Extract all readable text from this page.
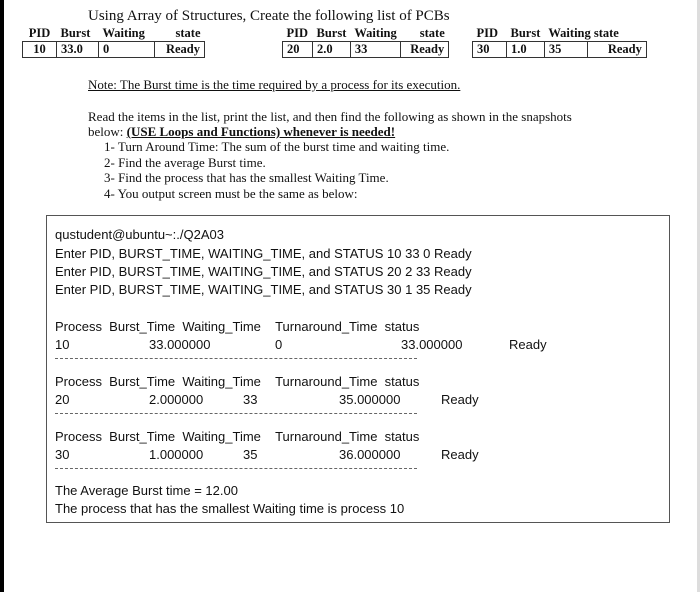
Using Array of Structures, Create the following list of PCBs
PID	Burst	Waiting	state
10	33.0	0	Ready
PID	Burst	Waiting	state
20	2.0	33	Ready
PID	Burst	Waiting state	
30	1.0	35	Ready
Note: The Burst time is the time required by a process for its execution.
Read the items in the list, print the list, and then find the following as shown in the snapshots
below: (USE Loops and Functions) whenever is needed!
1- Turn Around Time: The sum of the burst time and waiting time.
2- Find the average Burst time.
3- Find the process that has the smallest Waiting Time.
4- You output screen must be the same as below:
qustudent@ubuntu~:./Q2A03
Enter PID, BURST_TIME, WAITING_TIME, and STATUS 10 33 0 Ready
Enter PID, BURST_TIME, WAITING_TIME, and STATUS 20 2 33 Ready
Enter PID, BURST_TIME, WAITING_TIME, and STATUS 30 1 35 Ready
Process  Burst_Time  Waiting_Time    Turnaround_Time  status
10	33.000000	0	33.000000	Ready
Process  Burst_Time  Waiting_Time    Turnaround_Time  status
20	2.000000	33	35.000000	Ready
Process  Burst_Time  Waiting_Time    Turnaround_Time  status
30	1.000000	35	36.000000	Ready
The Average Burst time = 12.00
The process that has the smallest Waiting time is process 10
